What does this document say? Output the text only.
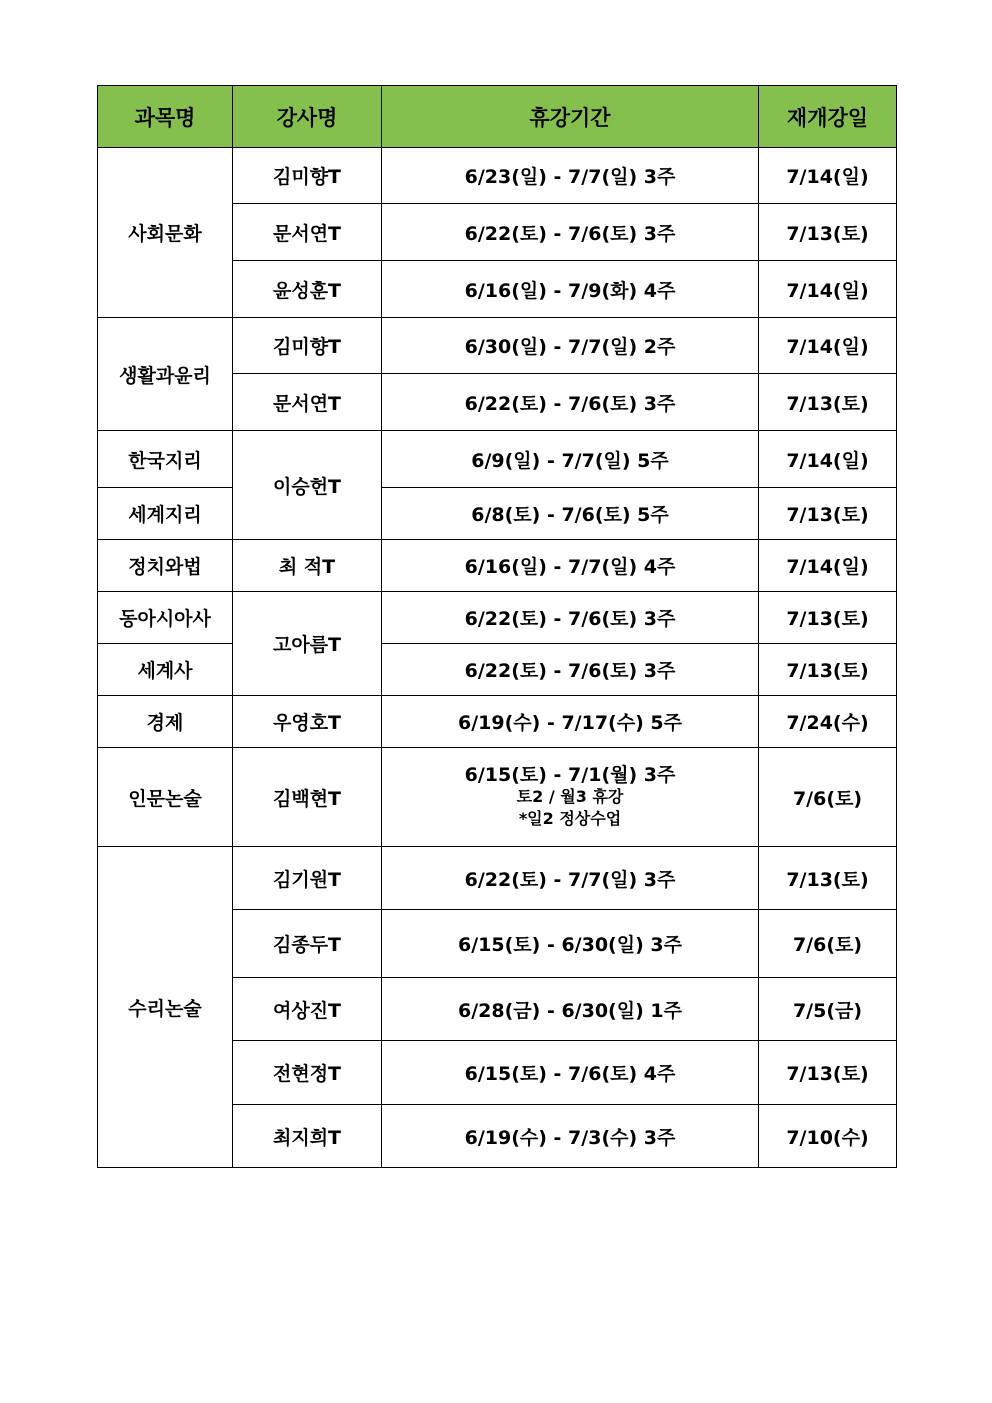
과목명	강사명	휴강기간	재개강일
사회문화	김미향T	6/23(일) - 7/7(일) 3주	7/14(일)
	문서연T	6/22(토) - 7/6(토) 3주	7/13(토)
	윤성훈T	6/16(일) - 7/9(화) 4주	7/14(일)
생활과윤리	김미향T	6/30(일) - 7/7(일) 2주	7/14(일)
	문서연T	6/22(토) - 7/6(토) 3주	7/13(토)
한국지리	이승헌T	6/9(일) - 7/7(일) 5주	7/14(일)
세계지리		6/8(토) - 7/6(토) 5주	7/13(토)
정치와법	최 적T	6/16(일) - 7/7(일) 4주	7/14(일)
동아시아사	고아름T	6/22(토) - 7/6(토) 3주	7/13(토)
세계사		6/22(토) - 7/6(토) 3주	7/13(토)
경제	우영호T	6/19(수) - 7/17(수) 5주	7/24(수)
인문논술	김백현T	6/15(토) - 7/1(월) 3주
토2 / 월3 휴강
*일2 정상수업	7/6(토)
수리논술	김기원T	6/22(토) - 7/7(일) 3주	7/13(토)
	김종두T	6/15(토) - 6/30(일) 3주	7/6(토)
	여상진T	6/28(금) - 6/30(일) 1주	7/5(금)
	전현정T	6/15(토) - 7/6(토) 4주	7/13(토)
	최지희T	6/19(수) - 7/3(수) 3주	7/10(수)
